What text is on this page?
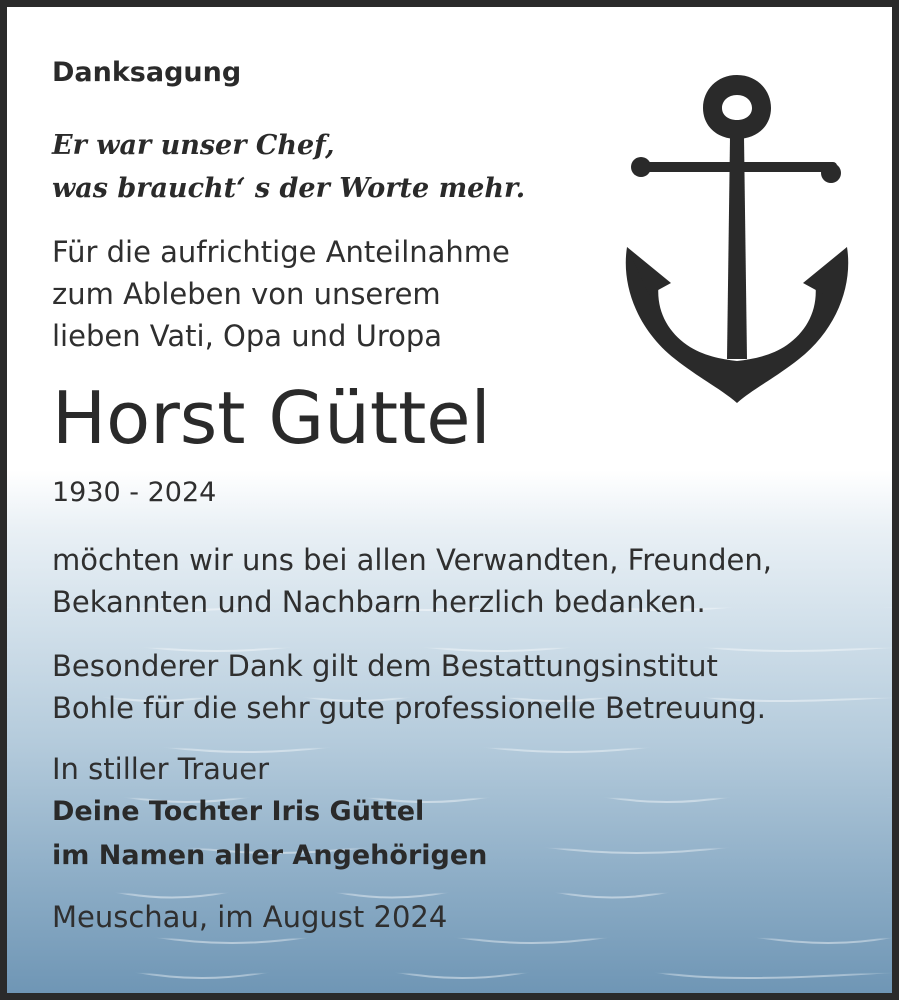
Danksagung
Er war unser Chef,
was braucht‘ s der Worte mehr.
Für die aufrichtige Anteilnahme
zum Ableben von unserem
lieben Vati, Opa und Uropa
Horst Güttel
1930 - 2024
möchten wir uns bei allen Verwandten, Freunden,
Bekannten und Nachbarn herzlich bedanken.
Besonderer Dank gilt dem Bestattungsinstitut
Bohle für die sehr gute professionelle Betreuung.
In stiller Trauer
Deine Tochter Iris Güttel
im Namen aller Angehörigen
Meuschau, im August 2024
